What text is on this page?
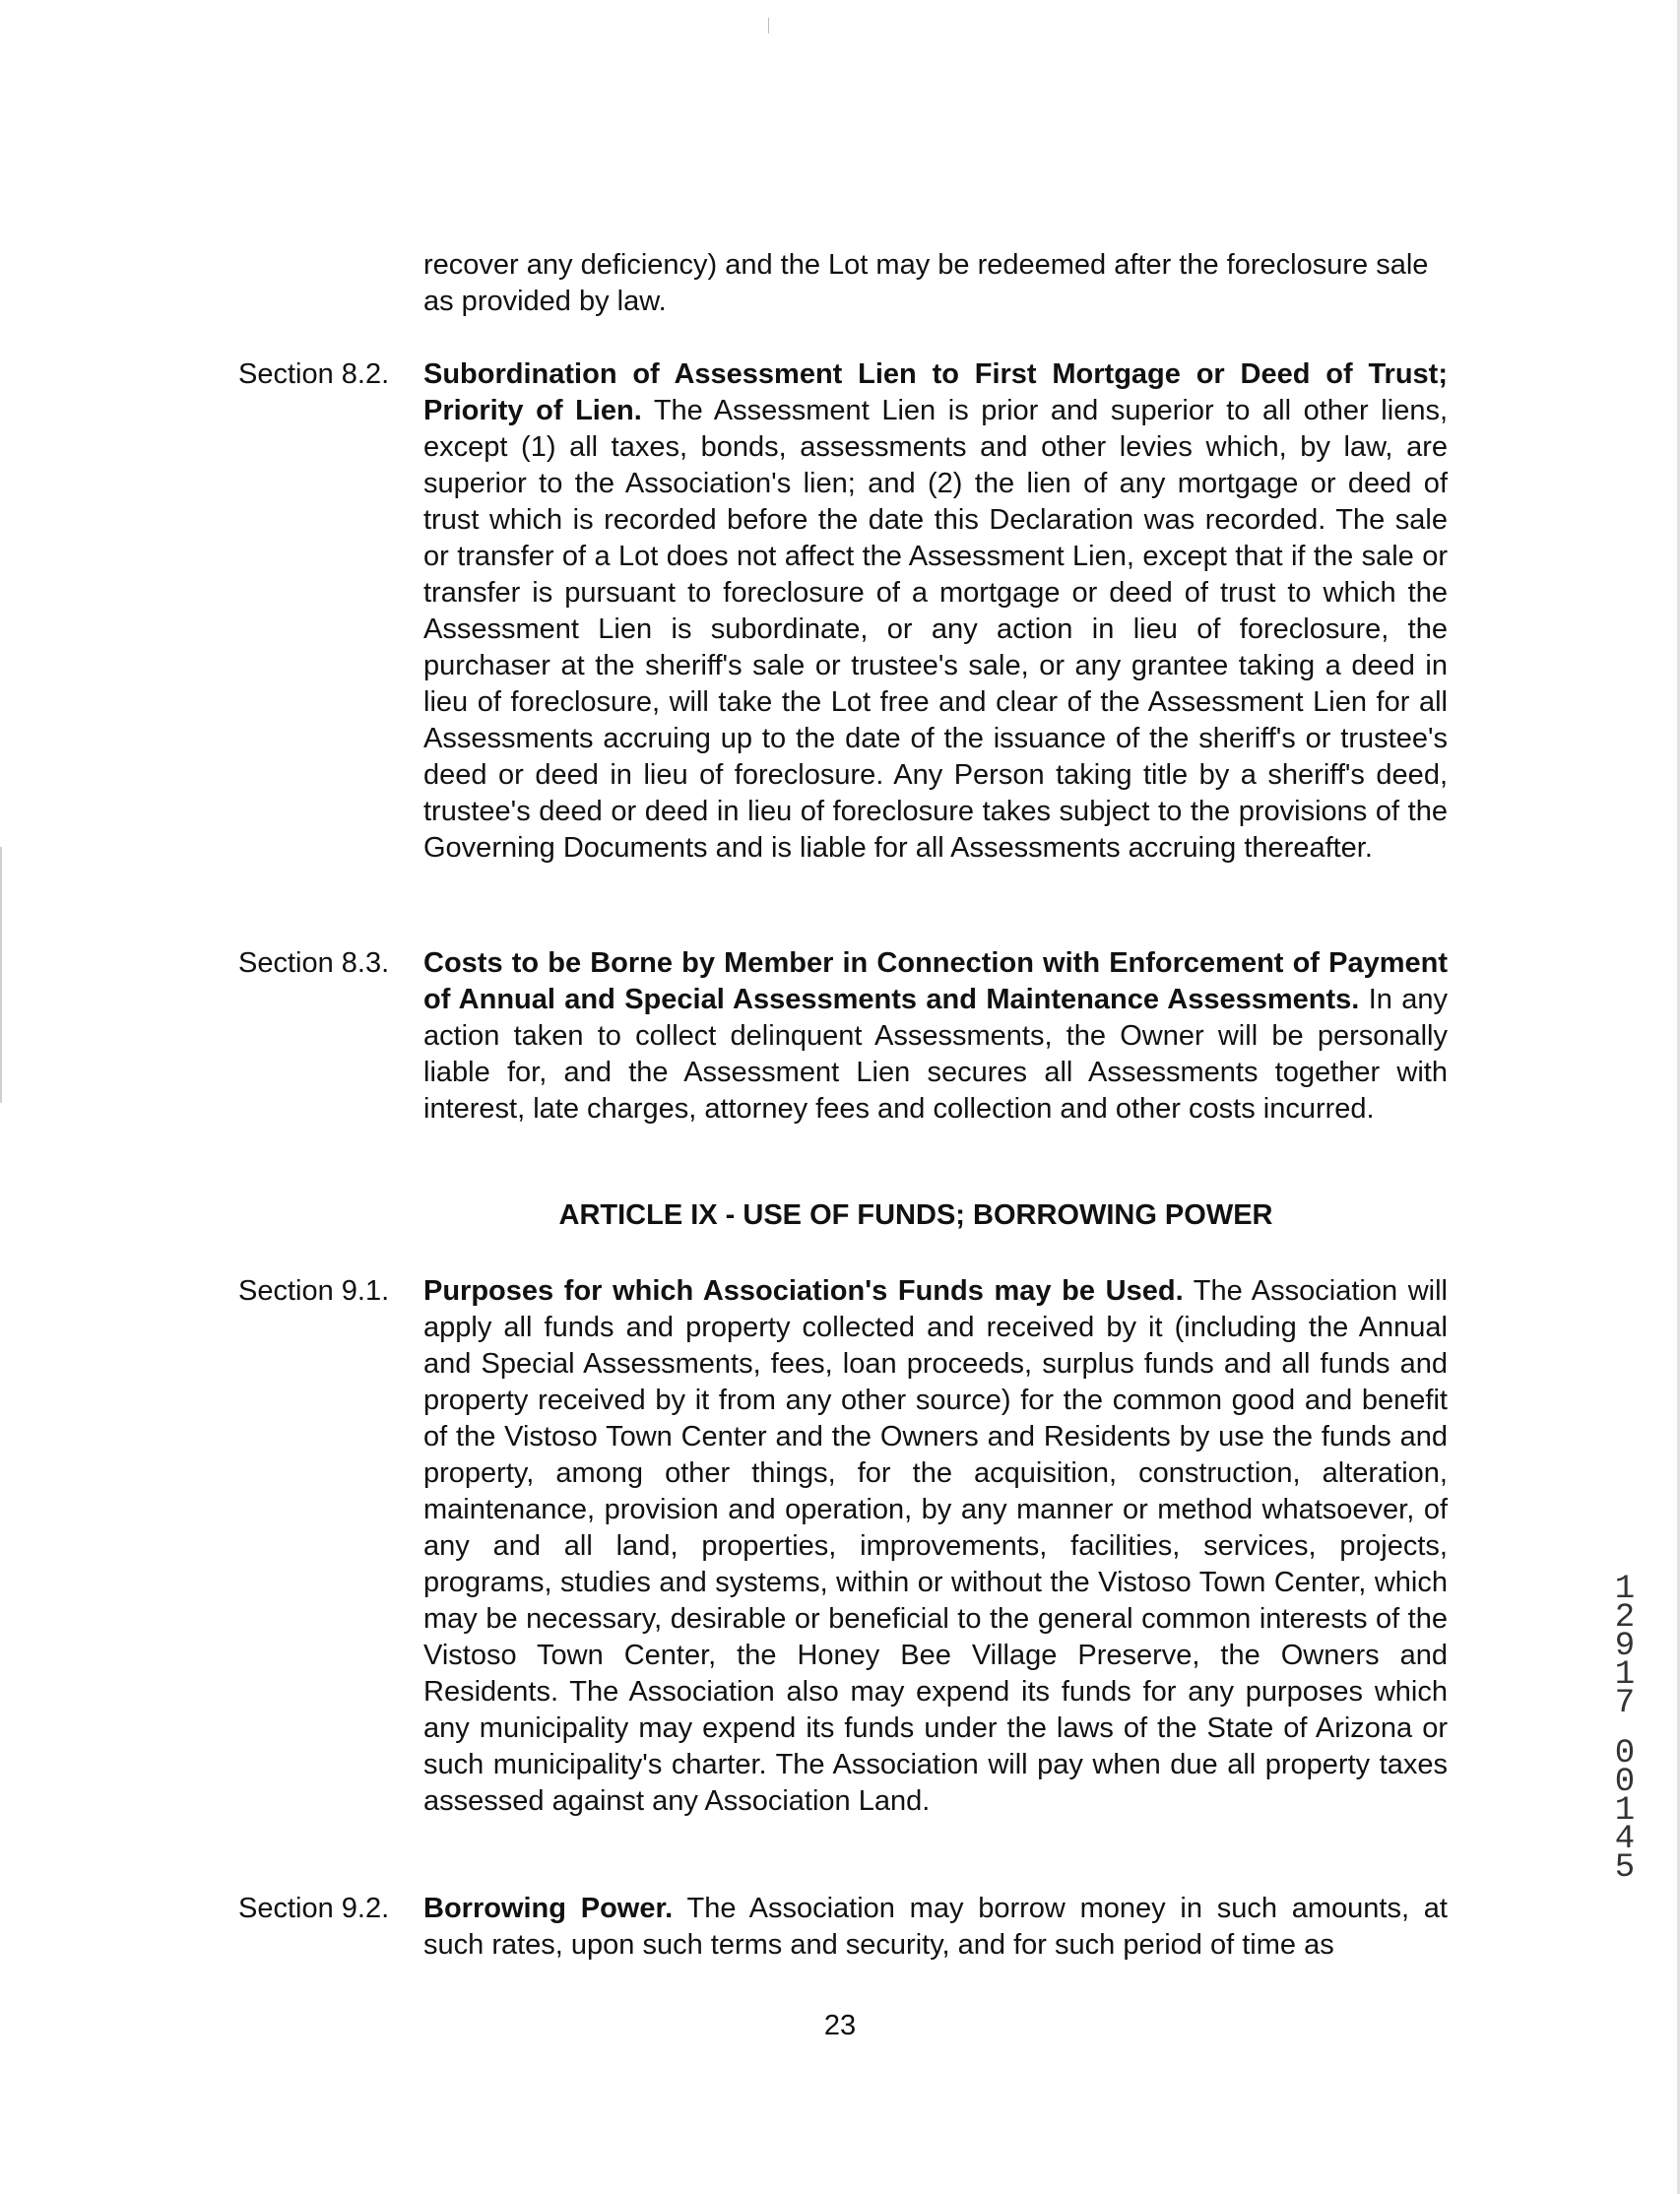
recover any deficiency) and the Lot may be redeemed after the foreclosure sale as provided by law.

Section 8.2. Subordination of Assessment Lien to First Mortgage or Deed of Trust; Priority of Lien. The Assessment Lien is prior and superior to all other liens, except (1) all taxes, bonds, assessments and other levies which, by law, are superior to the Association's lien; and (2) the lien of any mortgage or deed of trust which is recorded before the date this Declaration was recorded. The sale or transfer of a Lot does not affect the Assessment Lien, except that if the sale or transfer is pursuant to foreclosure of a mortgage or deed of trust to which the Assessment Lien is subordinate, or any action in lieu of foreclosure, the purchaser at the sheriff's sale or trustee's sale, or any grantee taking a deed in lieu of foreclosure, will take the Lot free and clear of the Assessment Lien for all Assessments accruing up to the date of the issuance of the sheriff's or trustee's deed or deed in lieu of foreclosure. Any Person taking title by a sheriff's deed, trustee's deed or deed in lieu of foreclosure takes subject to the provisions of the Governing Documents and is liable for all Assessments accruing thereafter.

Section 8.3. Costs to be Borne by Member in Connection with Enforcement of Payment of Annual and Special Assessments and Maintenance Assessments. In any action taken to collect delinquent Assessments, the Owner will be personally liable for, and the Assessment Lien secures all Assessments together with interest, late charges, attorney fees and collection and other costs incurred.

ARTICLE IX - USE OF FUNDS; BORROWING POWER
Section 9.1. Purposes for which Association's Funds may be Used. The Association will apply all funds and property collected and received by it (including the Annual and Special Assessments, fees, loan proceeds, surplus funds and all funds and property received by it from any other source) for the common good and benefit of the Vistoso Town Center and the Owners and Residents by use the funds and property, among other things, for the acquisition, construction, alteration, maintenance, provision and operation, by any manner or method whatsoever, of any and all land, properties, improvements, facilities, services, projects, programs, studies and systems, within or without the Vistoso Town Center, which may be necessary, desirable or beneficial to the general common interests of the Vistoso Town Center, the Honey Bee Village Preserve, the Owners and Residents. The Association also may expend its funds for any purposes which any municipality may expend its funds under the laws of the State of Arizona or such municipality's charter. The Association will pay when due all property taxes assessed against any Association Land.

Section 9.2. Borrowing Power. The Association may borrow money in such amounts, at such rates, upon such terms and security, and for such period of time as

23
1
2
9
1
7
0
0
1
4
5
